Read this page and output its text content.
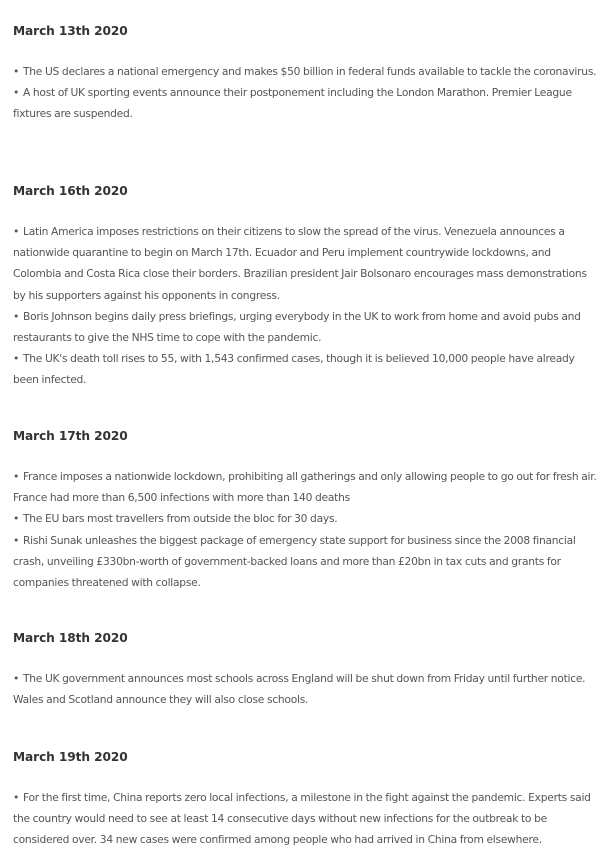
March 13th 2020
• The US declares a national emergency and makes $50 billion in federal funds available to tackle the coronavirus.
• A host of UK sporting events announce their postponement including the London Marathon. Premier League fixtures are suspended.
March 16th 2020
• Latin America imposes restrictions on their citizens to slow the spread of the virus. Venezuela announces a nationwide quarantine to begin on March 17th. Ecuador and Peru implement countrywide lockdowns, and Colombia and Costa Rica close their borders. Brazilian president Jair Bolsonaro encourages mass demonstrations by his supporters against his opponents in congress.
• Boris Johnson begins daily press briefings, urging everybody in the UK to work from home and avoid pubs and restaurants to give the NHS time to cope with the pandemic.
• The UK's death toll rises to 55, with 1,543 confirmed cases, though it is believed 10,000 people have already been infected.
March 17th 2020
• France imposes a nationwide lockdown, prohibiting all gatherings and only allowing people to go out for fresh air. France had more than 6,500 infections with more than 140 deaths
• The EU bars most travellers from outside the bloc for 30 days.
• Rishi Sunak unleashes the biggest package of emergency state support for business since the 2008 financial crash, unveiling £330bn-worth of government-backed loans and more than £20bn in tax cuts and grants for companies threatened with collapse.
March 18th 2020
• The UK government announces most schools across England will be shut down from Friday until further notice. Wales and Scotland announce they will also close schools.
March 19th 2020
• For the first time, China reports zero local infections, a milestone in the fight against the pandemic. Experts said the country would need to see at least 14 consecutive days without new infections for the outbreak to be considered over. 34 new cases were confirmed among people who had arrived in China from elsewhere.
